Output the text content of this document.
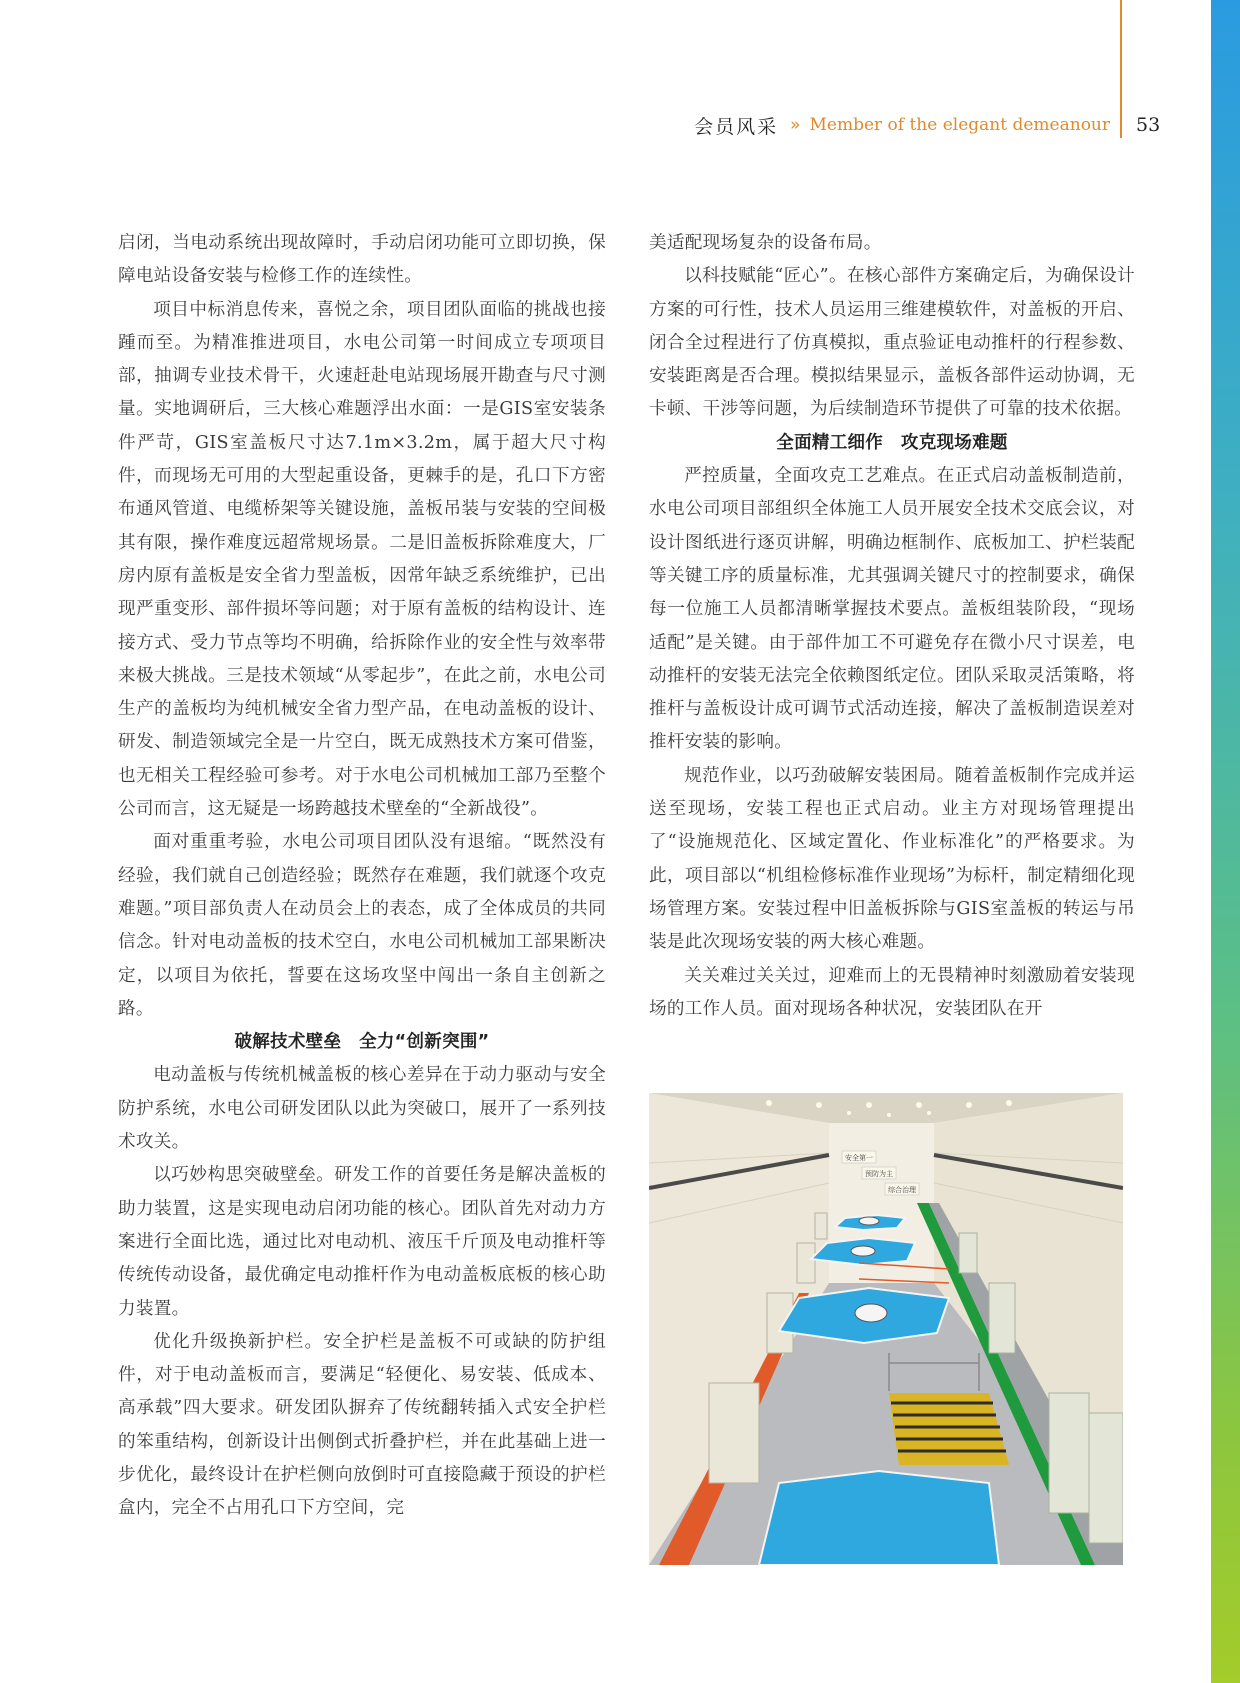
会员风采 » Member of the elegant demeanour 53

启闭，当电动系统出现故障时，手动启闭功能可立即切换，保障电站设备安装与检修工作的连续性。

项目中标消息传来，喜悦之余，项目团队面临的挑战也接踵而至。为精准推进项目，水电公司第一时间成立专项项目部，抽调专业技术骨干，火速赶赴电站现场展开勘查与尺寸测量。实地调研后，三大核心难题浮出水面：一是GIS室安装条件严苛，GIS室盖板尺寸达7.1m×3.2m，属于超大尺寸构件，而现场无可用的大型起重设备，更棘手的是，孔口下方密布通风管道、电缆桥架等关键设施，盖板吊装与安装的空间极其有限，操作难度远超常规场景。二是旧盖板拆除难度大，厂房内原有盖板是安全省力型盖板，因常年缺乏系统维护，已出现严重变形、部件损坏等问题；对于原有盖板的结构设计、连接方式、受力节点等均不明确，给拆除作业的安全性与效率带来极大挑战。三是技术领域“从零起步”，在此之前，水电公司生产的盖板均为纯机械安全省力型产品，在电动盖板的设计、研发、制造领域完全是一片空白，既无成熟技术方案可借鉴，也无相关工程经验可参考。对于水电公司机械加工部乃至整个公司而言，这无疑是一场跨越技术壁垒的“全新战役”。

面对重重考验，水电公司项目团队没有退缩。“既然没有经验，我们就自己创造经验；既然存在难题，我们就逐个攻克难题。”项目部负责人在动员会上的表态，成了全体成员的共同信念。针对电动盖板的技术空白，水电公司机械加工部果断决定，以项目为依托，誓要在这场攻坚中闯出一条自主创新之路。

破解技术壁垒　全力“创新突围”

电动盖板与传统机械盖板的核心差异在于动力驱动与安全防护系统，水电公司研发团队以此为突破口，展开了一系列技术攻关。

以巧妙构思突破壁垒。研发工作的首要任务是解决盖板的助力装置，这是实现电动启闭功能的核心。团队首先对动力方案进行全面比选，通过比对电动机、液压千斤顶及电动推杆等传统传动设备，最优确定电动推杆作为电动盖板底板的核心助力装置。

优化升级换新护栏。安全护栏是盖板不可或缺的防护组件，对于电动盖板而言，要满足“轻便化、易安装、低成本、高承载”四大要求。研发团队摒弃了传统翻转插入式安全护栏的笨重结构，创新设计出侧倒式折叠护栏，并在此基础上进一步优化，最终设计在护栏侧向放倒时可直接隐藏于预设的护栏盒内，完全不占用孔口下方空间，完

美适配现场复杂的设备布局。

以科技赋能“匠心”。在核心部件方案确定后，为确保设计方案的可行性，技术人员运用三维建模软件，对盖板的开启、闭合全过程进行了仿真模拟，重点验证电动推杆的行程参数、安装距离是否合理。模拟结果显示，盖板各部件运动协调，无卡顿、干涉等问题，为后续制造环节提供了可靠的技术依据。

全面精工细作　攻克现场难题

严控质量，全面攻克工艺难点。在正式启动盖板制造前，水电公司项目部组织全体施工人员开展安全技术交底会议，对设计图纸进行逐页讲解，明确边框制作、底板加工、护栏装配等关键工序的质量标准，尤其强调关键尺寸的控制要求，确保每一位施工人员都清晰掌握技术要点。盖板组装阶段，“现场适配”是关键。由于部件加工不可避免存在微小尺寸误差，电动推杆的安装无法完全依赖图纸定位。团队采取灵活策略，将推杆与盖板设计成可调节式活动连接，解决了盖板制造误差对推杆安装的影响。

规范作业，以巧劲破解安装困局。随着盖板制作完成并运送至现场，安装工程也正式启动。业主方对现场管理提出了“设施规范化、区域定置化、作业标准化”的严格要求。为此，项目部以“机组检修标准作业现场”为标杆，制定精细化现场管理方案。安装过程中旧盖板拆除与GIS室盖板的转运与吊装是此次现场安装的两大核心难题。

关关难过关关过，迎难而上的无畏精神时刻激励着安装现场的工作人员。面对现场各种状况，安装团队在开

安全第一
预防为主
综合治理
